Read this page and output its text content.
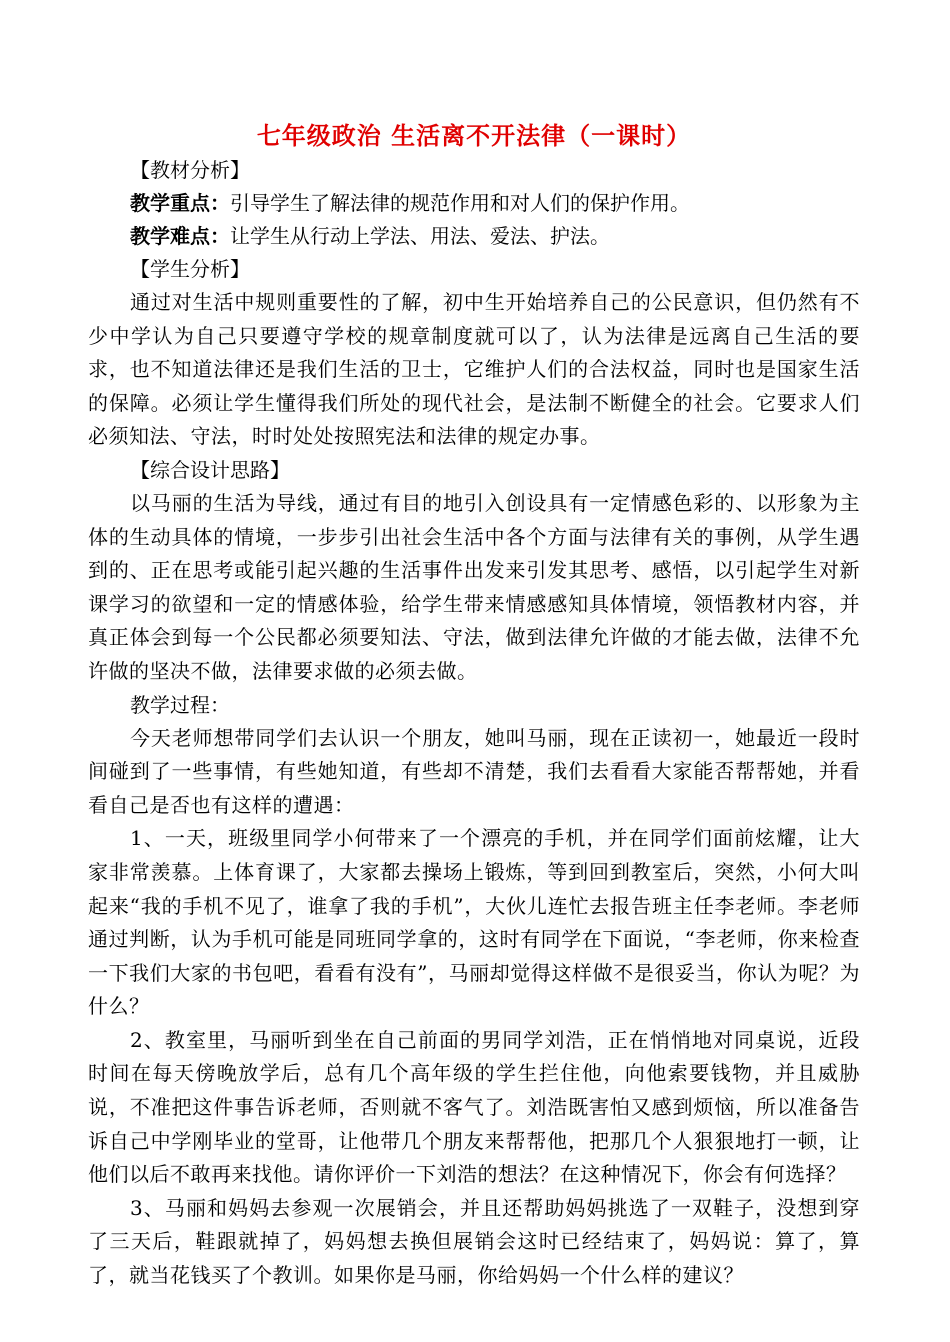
七年级政治 生活离不开法律（一课时）
【教材分析】
教学重点：引导学生了解法律的规范作用和对人们的保护作用。
教学难点：让学生从行动上学法、用法、爱法、护法。
【学生分析】

通过对生活中规则重要性的了解，初中生开始培养自己的公民意识，但仍然有不少中学认为自己只要遵守学校的规章制度就可以了，认为法律是远离自己生活的要求，也不知道法律还是我们生活的卫士，它维护人们的合法权益，同时也是国家生活的保障。必须让学生懂得我们所处的现代社会，是法制不断健全的社会。它要求人们必须知法、守法，时时处处按照宪法和法律的规定办事。

【综合设计思路】

以马丽的生活为导线，通过有目的地引入创设具有一定情感色彩的、以形象为主体的生动具体的情境，一步步引出社会生活中各个方面与法律有关的事例，从学生遇到的、正在思考或能引起兴趣的生活事件出发来引发其思考、感悟，以引起学生对新课学习的欲望和一定的情感体验，给学生带来情感感知具体情境，领悟教材内容，并真正体会到每一个公民都必须要知法、守法，做到法律允许做的才能去做，法律不允许做的坚决不做，法律要求做的必须去做。

教学过程：

今天老师想带同学们去认识一个朋友，她叫马丽，现在正读初一，她最近一段时间碰到了一些事情，有些她知道，有些却不清楚，我们去看看大家能否帮帮她，并看看自己是否也有这样的遭遇：

1、一天，班级里同学小何带来了一个漂亮的手机，并在同学们面前炫耀，让大家非常羡慕。上体育课了，大家都去操场上锻炼，等到回到教室后，突然，小何大叫起来“我的手机不见了，谁拿了我的手机”，大伙儿连忙去报告班主任李老师。李老师通过判断，认为手机可能是同班同学拿的，这时有同学在下面说，“李老师，你来检查一下我们大家的书包吧，看看有没有”，马丽却觉得这样做不是很妥当，你认为呢？为什么？

2、教室里，马丽听到坐在自己前面的男同学刘浩，正在悄悄地对同桌说，近段时间在每天傍晚放学后，总有几个高年级的学生拦住他，向他索要钱物，并且威胁说，不准把这件事告诉老师，否则就不客气了。刘浩既害怕又感到烦恼，所以准备告诉自己中学刚毕业的堂哥，让他带几个朋友来帮帮他，把那几个人狠狠地打一顿，让他们以后不敢再来找他。请你评价一下刘浩的想法？在这种情况下，你会有何选择？

3、马丽和妈妈去参观一次展销会，并且还帮助妈妈挑选了一双鞋子，没想到穿了三天后，鞋跟就掉了，妈妈想去换但展销会这时已经结束了，妈妈说：算了，算了，就当花钱买了个教训。如果你是马丽，你给妈妈一个什么样的建议？
